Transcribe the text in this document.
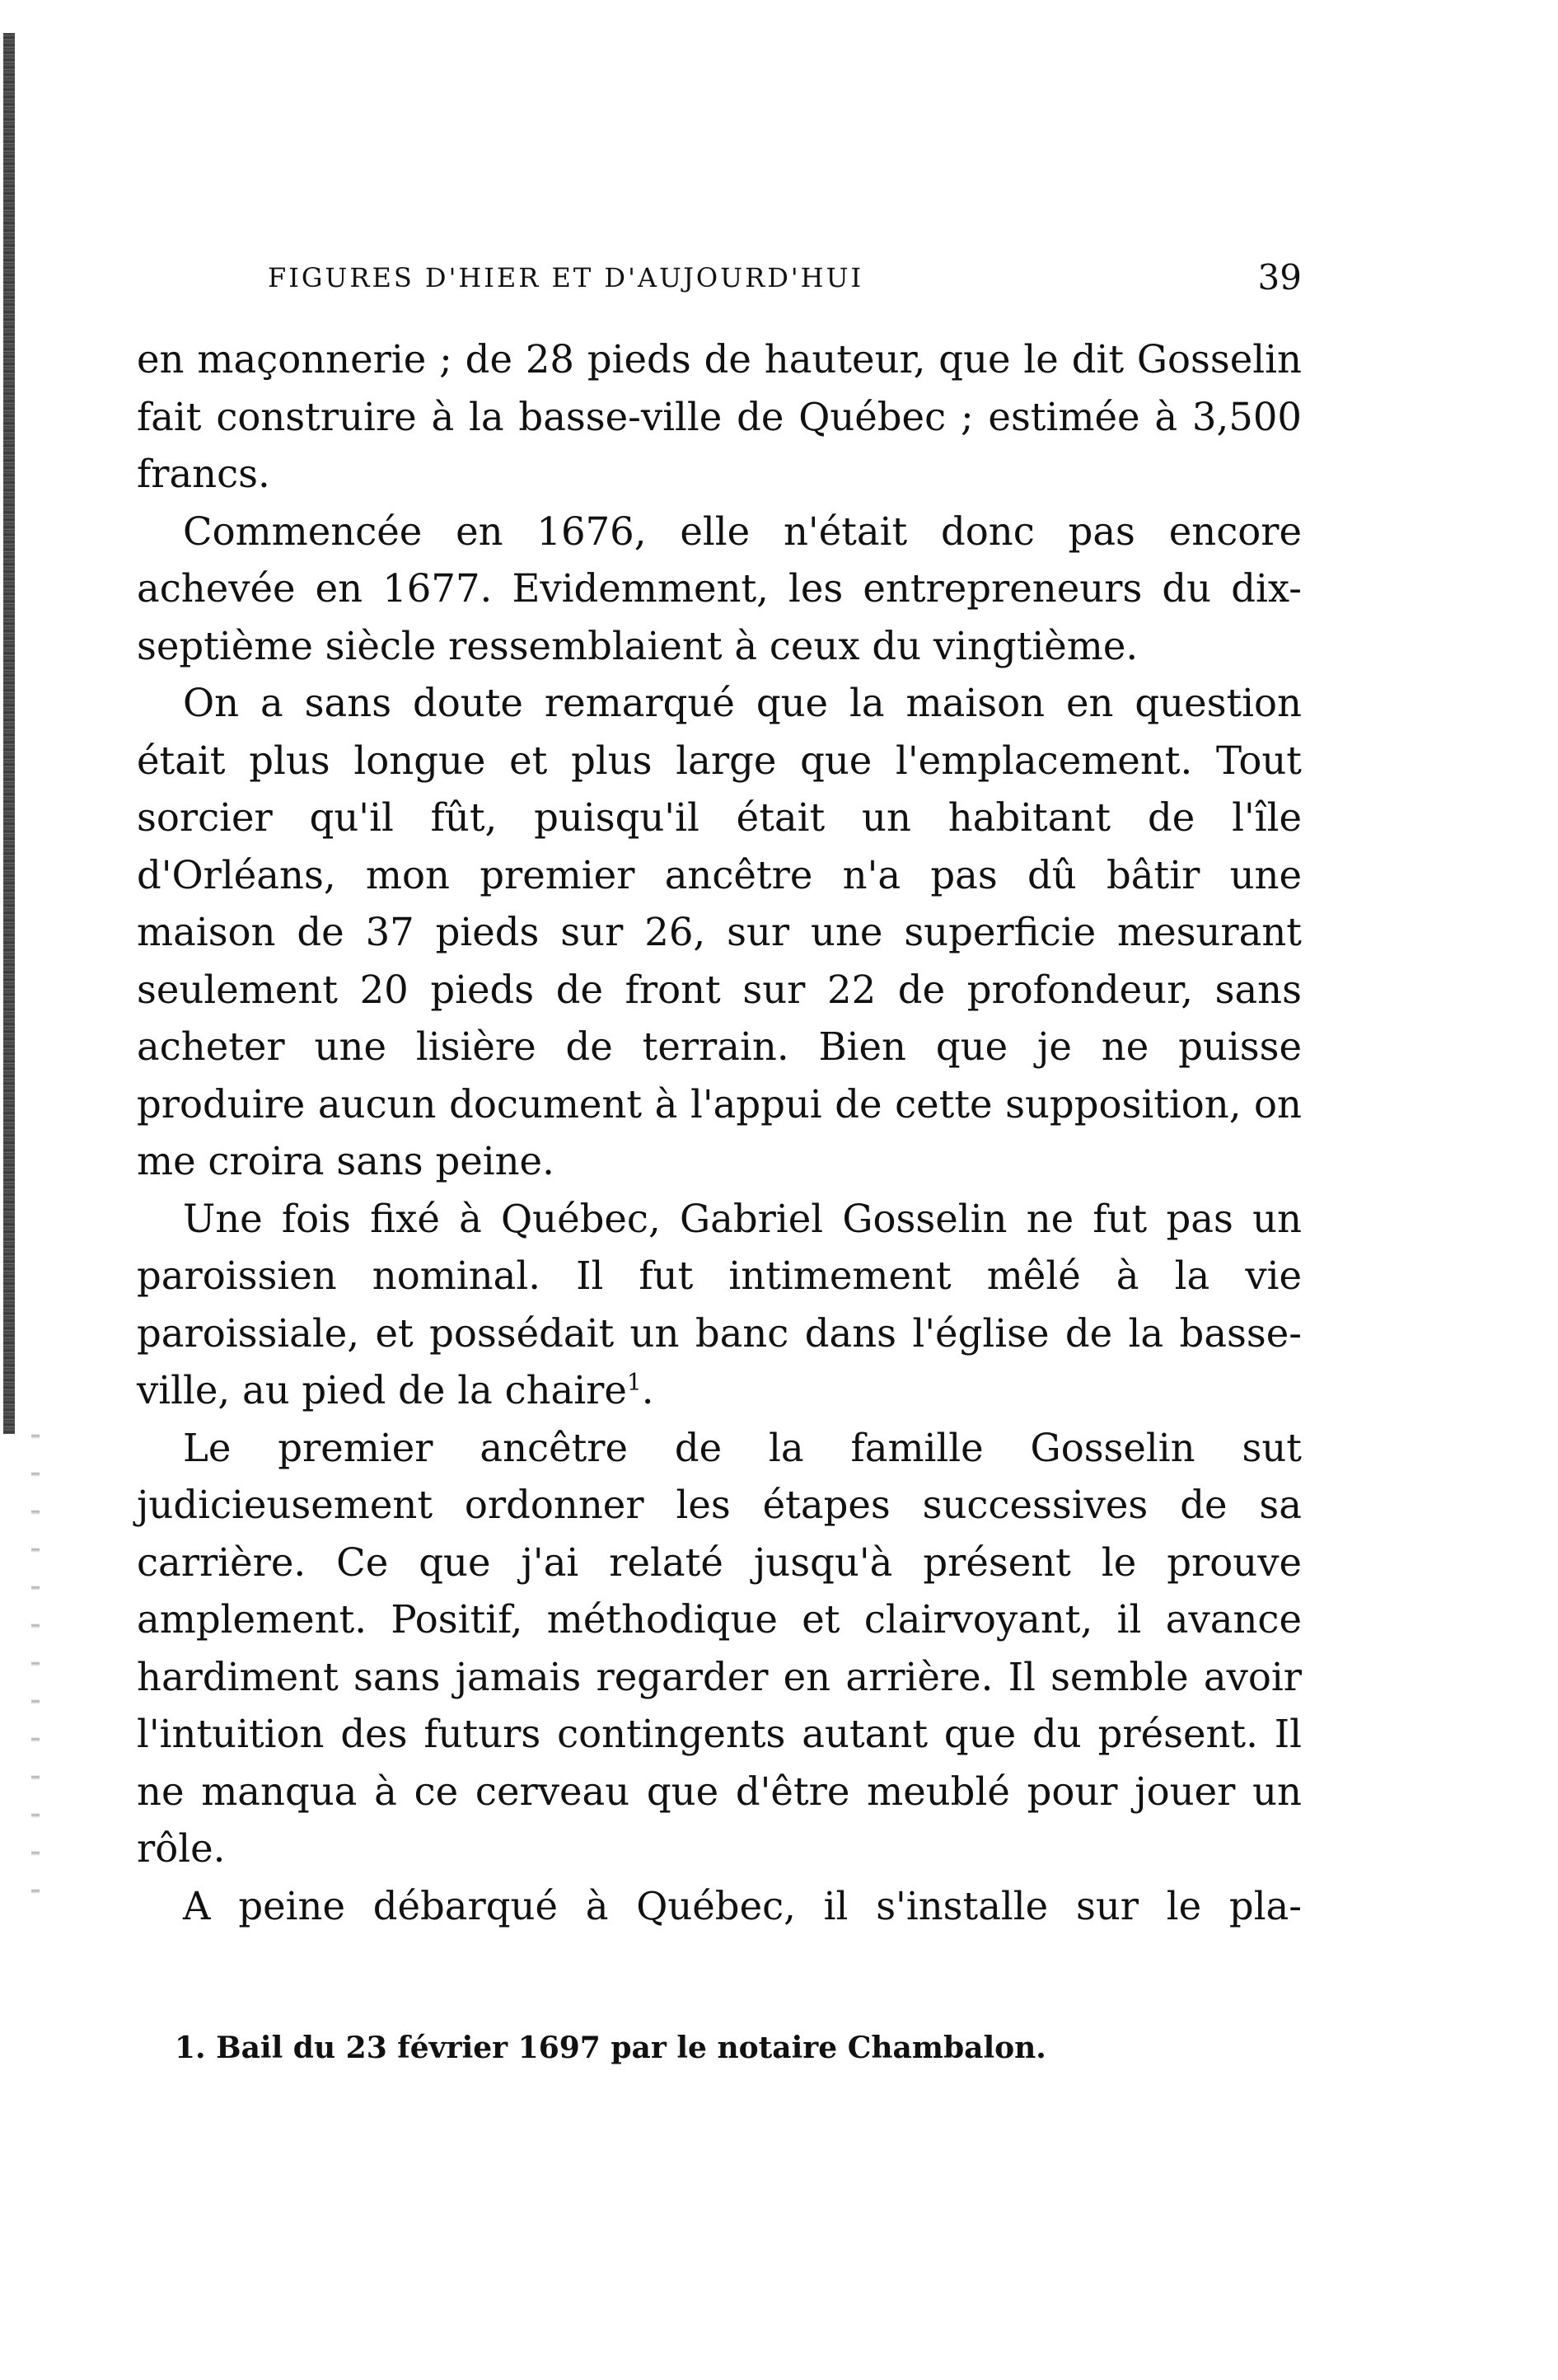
FIGURES D'HIER ET D'AUJOURD'HUI	39

en maçonnerie ; de 28 pieds de hauteur, que le dit Gosselin fait construire à la basse-ville de Québec ; estimée à 3,500 francs.

Commencée en 1676, elle n'était donc pas encore achevée en 1677. Evidemment, les entrepreneurs du dix-septième siècle ressemblaient à ceux du vingtième.

On a sans doute remarqué que la maison en question était plus longue et plus large que l'emplacement. Tout sorcier qu'il fût, puisqu'il était un habitant de l'île d'Orléans, mon premier ancêtre n'a pas dû bâtir une maison de 37 pieds sur 26, sur une superficie mesurant seulement 20 pieds de front sur 22 de profondeur, sans acheter une lisière de terrain. Bien que je ne puisse produire aucun document à l'appui de cette supposition, on me croira sans peine.

Une fois fixé à Québec, Gabriel Gosselin ne fut pas un paroissien nominal. Il fut intimement mêlé à la vie paroissiale, et possédait un banc dans l'église de la basse-ville, au pied de la chaire$^1$.

Le premier ancêtre de la famille Gosselin sut judicieusement ordonner les étapes successives de sa carrière. Ce que j'ai relaté jusqu'à présent le prouve amplement. Positif, méthodique et clairvoyant, il avance hardiment sans jamais regarder en arrière. Il semble avoir l'intuition des futurs contingents autant que du présent. Il ne manqua à ce cerveau que d'être meublé pour jouer un rôle.

A peine débarqué à Québec, il s'installe sur le pla-

1. Bail du 23 février 1697 par le notaire Chambalon.
